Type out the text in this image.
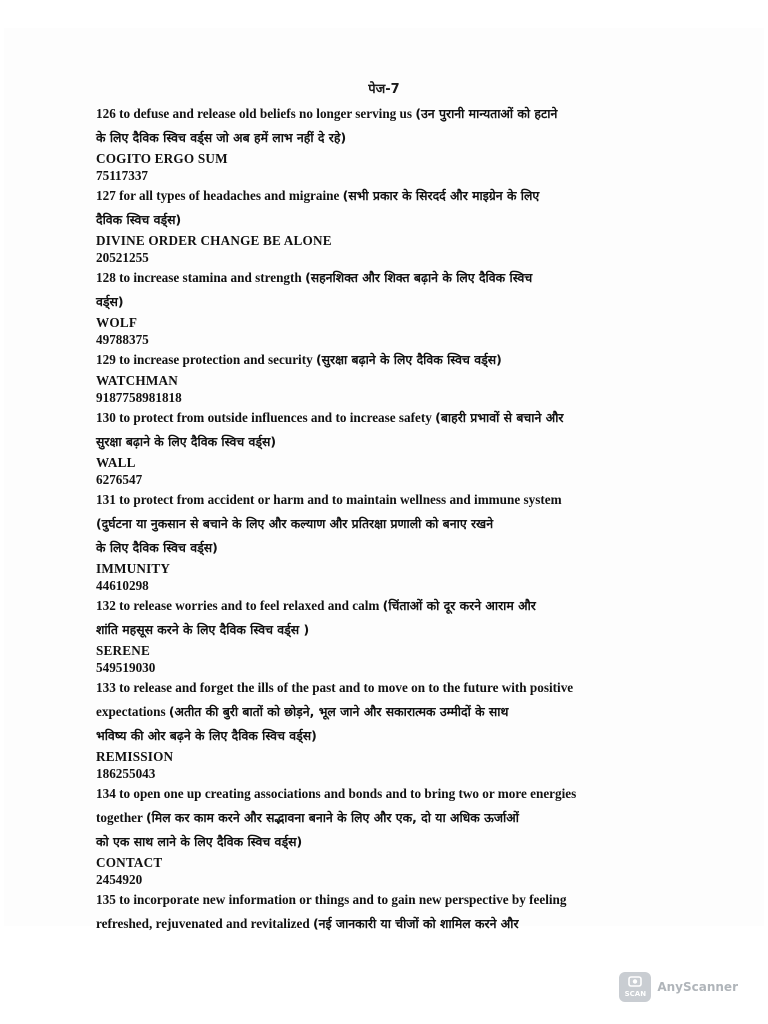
पेज-7
126 to defuse and release old beliefs no longer serving us (उन पुरानी मान्यताओं को हटाने
के लिए दैविक स्विच वर्ड्स जो अब हमें लाभ नहीं दे रहे)
COGITO ERGO SUM
75117337
127 for all types of headaches and migraine (सभी प्रकार के सिरदर्द और माइग्रेन के लिए
दैविक स्विच वर्ड्स)
DIVINE ORDER CHANGE BE ALONE
20521255
128 to increase stamina and strength (सहनशिक्त और शिक्त बढ़ाने के लिए दैविक स्विच
वर्ड्स)
WOLF
49788375
129 to increase protection and security (सुरक्षा बढ़ाने के लिए दैविक स्विच वर्ड्स)
WATCHMAN
9187758981818
130 to protect from outside influences and to increase safety (बाहरी प्रभावों से बचाने और
सुरक्षा बढ़ाने के लिए दैविक स्विच वर्ड्स)
WALL
6276547
131 to protect from accident or harm and to maintain wellness and immune system
(दुर्घटना या नुकसान से बचाने के लिए और कल्याण और प्रतिरक्षा प्रणाली को बनाए रखने
के लिए दैविक स्विच वर्ड्स)
IMMUNITY
44610298
132 to release worries and to feel relaxed and calm (चिंताओं को दूर करने आराम और
शांति महसूस करने के लिए दैविक स्विच वर्ड्स )
SERENE
549519030
133 to release and forget the ills of the past and to move on to the future with positive
expectations (अतीत की बुरी बातों को छोड़ने, भूल जाने और सकारात्मक उम्मीदों के साथ
भविष्य की ओर बढ़ने के लिए दैविक स्विच वर्ड्स)
REMISSION
186255043
134 to open one up creating associations and bonds and to bring two or more energies
together (मिल कर काम करने और सद्भावना बनाने के लिए और एक, दो या अधिक ऊर्जाओं
को एक साथ लाने के लिए दैविक स्विच वर्ड्स)
CONTACT
2454920
135 to incorporate new information or things and to gain new perspective by feeling
refreshed, rejuvenated and revitalized (नई जानकारी या चीजों को शामिल करने और
SCAN AnyScanner
